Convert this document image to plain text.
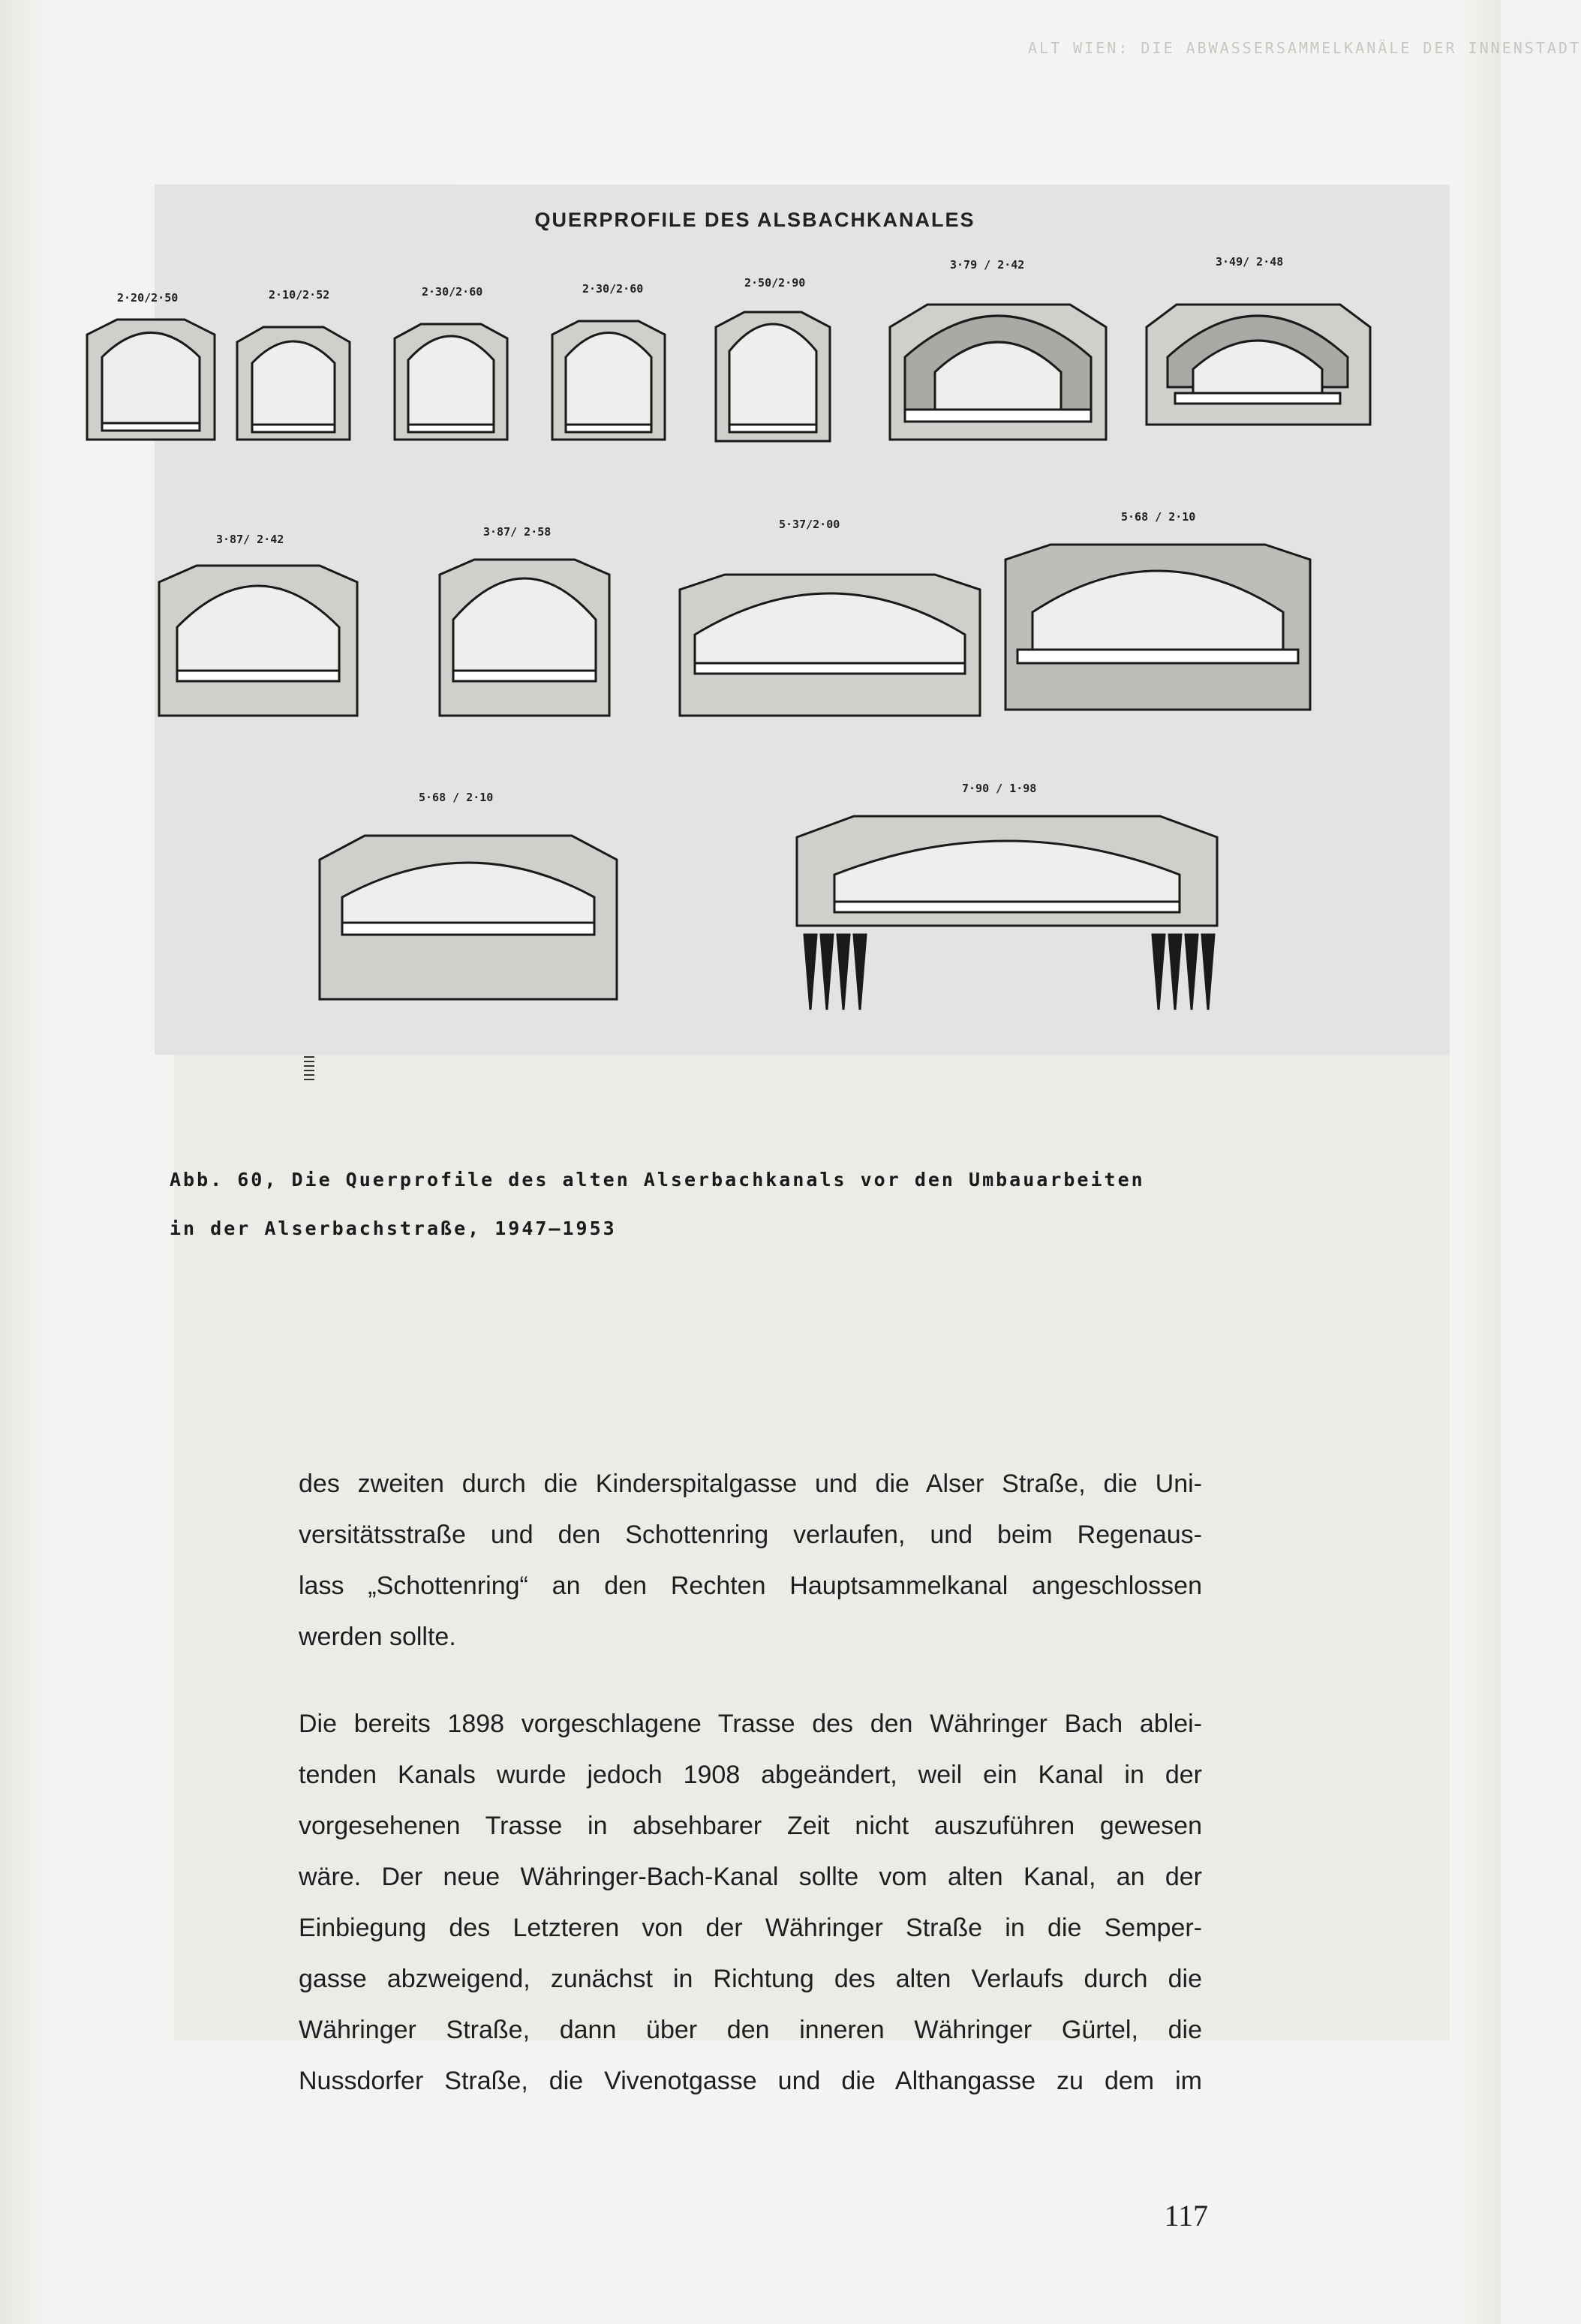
ALT WIEN: DIE ABWASSERSAMMELKANÄLE DER INNENSTADT
QUERPROFILE DES ALSBACHKANALES
2·20/2·50	2·10/2·52	2·30/2·60	2·30/2·60	2·50/2·90
3·79 / 2·42	3·49/ 2·48
3·87/ 2·42
3·87/ 2·58
5·37/2·00
5·68 / 2·10
5·68 / 2·10
7·90 / 1·98
Abb. 60, Die Querprofile des alten Alserbachkanals vor den Umbauarbeiten
in der Alserbachstraße, 1947–1953
des zweiten durch die Kinderspitalgasse und die Alser Straße, die Uni-
versitätsstraße und den Schottenring verlaufen, und beim Regenaus-
lass „Schottenring“ an den Rechten Hauptsammelkanal angeschlossen
werden sollte.
Die bereits 1898 vorgeschlagene Trasse des den Währinger Bach ablei-
tenden Kanals wurde jedoch 1908 abgeändert, weil ein Kanal in der
vorgesehenen Trasse in absehbarer Zeit nicht auszuführen gewesen
wäre. Der neue Währinger-Bach-Kanal sollte vom alten Kanal, an der
Einbiegung des Letzteren von der Währinger Straße in die Semper-
gasse abzweigend, zunächst in Richtung des alten Verlaufs durch die
Währinger Straße, dann über den inneren Währinger Gürtel, die
Nussdorfer Straße, die Vivenotgasse und die Althangasse zu dem im
117
